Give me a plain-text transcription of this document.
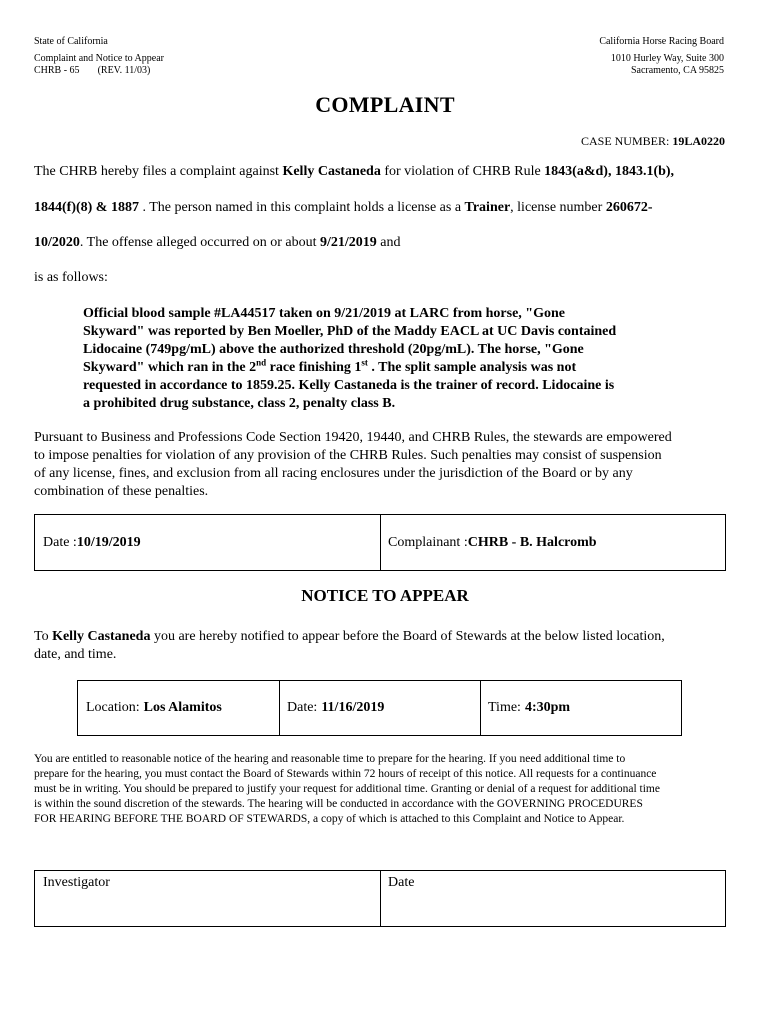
State of California
Complaint and Notice to Appear
CHRB - 65 (REV. 11/03)
California Horse Racing Board
1010 Hurley Way, Suite 300
Sacramento, CA 95825
COMPLAINT
CASE NUMBER: 19LA0220
The CHRB hereby files a complaint against Kelly Castaneda for violation of CHRB Rule 1843(a&d), 1843.1(b),
1844(f)(8) & 1887 . The person named in this complaint holds a license as a Trainer, license number 260672-
10/2020. The offense alleged occurred on or about 9/21/2019 and
is as follows:
Official blood sample #LA44517 taken on 9/21/2019 at LARC from horse, "Gone
Skyward" was reported by Ben Moeller, PhD of the Maddy EACL at UC Davis contained
Lidocaine (749pg/mL) above the authorized threshold (20pg/mL). The horse, "Gone
Skyward" which ran in the 2nd race finishing 1st . The split sample analysis was not
requested in accordance to 1859.25. Kelly Castaneda is the trainer of record. Lidocaine is
a prohibited drug substance, class 2, penalty class B.
Pursuant to Business and Professions Code Section 19420, 19440, and CHRB Rules, the stewards are empowered
to impose penalties for violation of any provision of the CHRB Rules. Such penalties may consist of suspension
of any license, fines, and exclusion from all racing enclosures under the jurisdiction of the Board or by any
combination of these penalties.
Date : 10/19/2019	Complainant : CHRB - B. Halcromb
NOTICE TO APPEAR
To Kelly Castaneda you are hereby notified to appear before the Board of Stewards at the below listed location,
date, and time.
Location: Los Alamitos	Date: 11/16/2019	Time: 4:30pm
You are entitled to reasonable notice of the hearing and reasonable time to prepare for the hearing. If you need additional time to
prepare for the hearing, you must contact the Board of Stewards within 72 hours of receipt of this notice. All requests for a continuance
must be in writing. You should be prepared to justify your request for additional time. Granting or denial of a request for additional time
is within the sound discretion of the stewards. The hearing will be conducted in accordance with the GOVERNING PROCEDURES
FOR HEARING BEFORE THE BOARD OF STEWARDS, a copy of which is attached to this Complaint and Notice to Appear.
Investigator	Date
